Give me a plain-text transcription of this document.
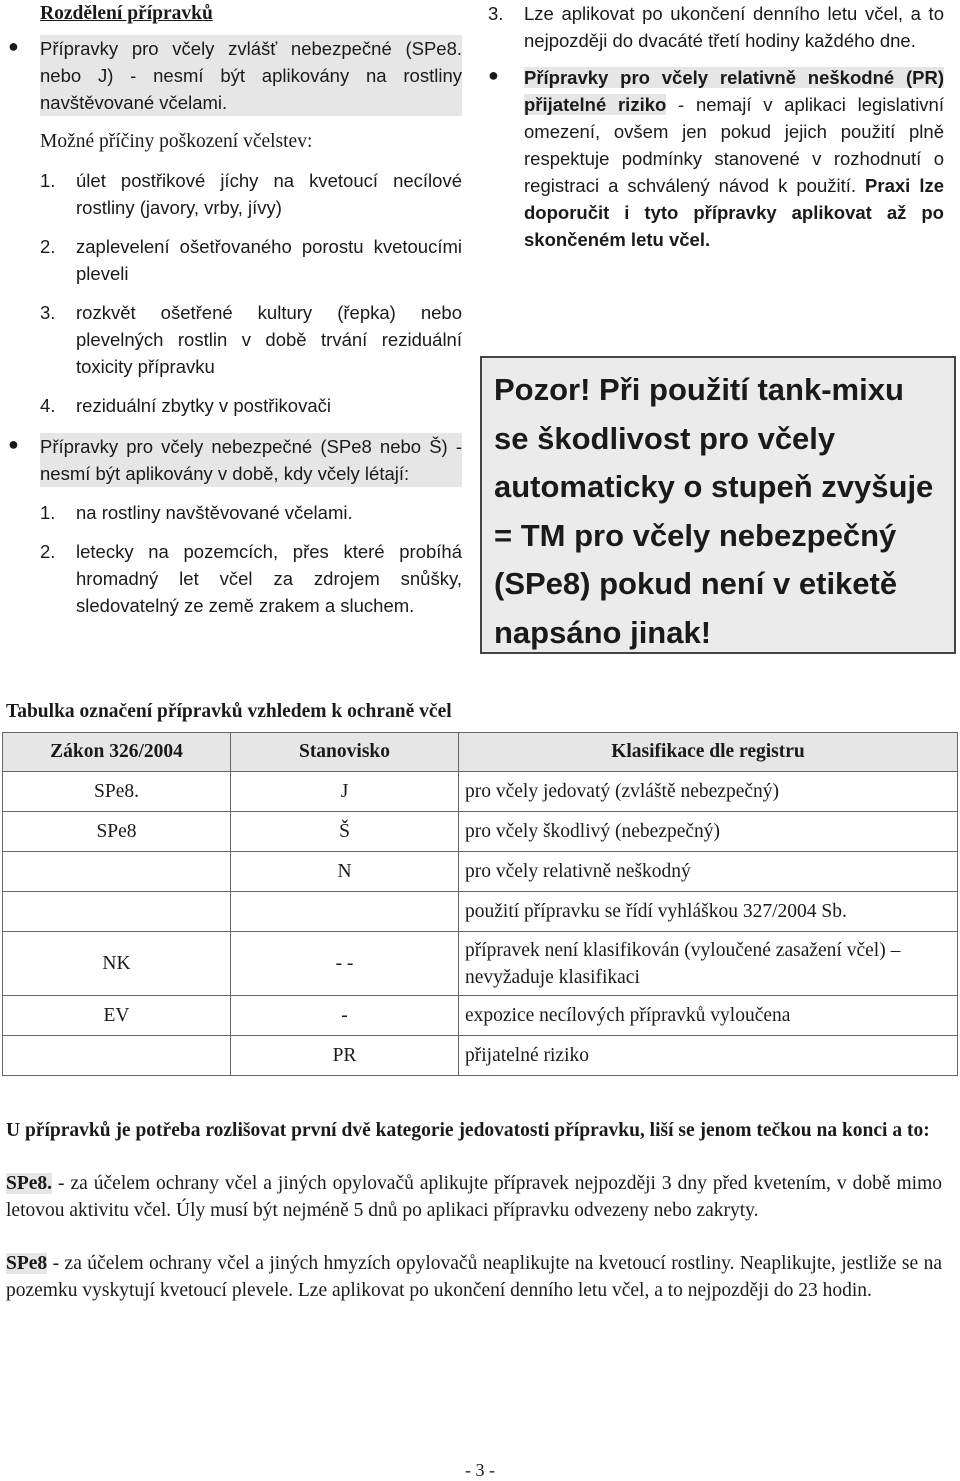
Rozdělení přípravků
● Přípravky pro včely zvlášť nebezpečné (SPe8. nebo J) - nesmí být aplikovány na rostliny navštěvované včelami.
Možné příčiny poškození včelstev:
1.	úlet postřikové jíchy na kvetoucí necílové rostliny (javory, vrby, jívy)
2.	zaplevelení ošetřovaného porostu kvetoucími pleveli
3.	rozkvět ošetřené kultury (řepka) nebo plevelných rostlin v době trvání reziduální toxicity přípravku
4.	reziduální zbytky v postřikovači
● Přípravky pro včely nebezpečné (SPe8 nebo Š) - nesmí být aplikovány v době, kdy včely létají:
1.	na rostliny navštěvované včelami.
2.	letecky na pozemcích, přes které probíhá hromadný let včel za zdrojem snůšky, sledovatelný ze země zrakem a sluchem.
3.	Lze aplikovat po ukončení denního letu včel, a to nejpozději do dvacáté třetí hodiny každého dne.
● Přípravky pro včely relativně neškodné (PR) přijatelné riziko - nemají v aplikaci legislativní omezení, ovšem jen pokud jejich použití plně respektuje podmínky stanovené v rozhodnutí o registraci a schválený návod k použití. Praxi lze doporučit i tyto přípravky aplikovat až po skončeném letu včel.
Pozor! Při použití tank-mixu se škodlivost pro včely automaticky o stupeň zvyšuje = TM pro včely nebezpečný (SPe8) pokud není v etiketě napsáno jinak!
Tabulka označení přípravků vzhledem k ochraně včel
Zákon 326/2004	Stanovisko	Klasifikace dle registru
SPe8.	J	pro včely jedovatý (zvláště nebezpečný)
SPe8	Š	pro včely škodlivý (nebezpečný)
	N	pro včely relativně neškodný
		použití přípravku se řídí vyhláškou 327/2004 Sb.
NK	- -	přípravek není klasifikován (vyloučené zasažení včel) – nevyžaduje klasifikaci
EV	-	expozice necílových přípravků vyloučena
	PR	přijatelné riziko

U přípravků je potřeba rozlišovat první dvě kategorie jedovatosti přípravku, liší se jenom tečkou na konci a to:

SPe8. - za účelem ochrany včel a jiných opylovačů aplikujte přípravek nejpozději 3 dny před kvetením, v době mimo letovou aktivitu včel. Úly musí být nejméně 5 dnů po aplikaci přípravku odvezeny nebo zakryty.

SPe8 - za účelem ochrany včel a jiných hmyzích opylovačů neaplikujte na kvetoucí rostliny. Neaplikujte, jestliže se na pozemku vyskytují kvetoucí plevele. Lze aplikovat po ukončení denního letu včel, a to nejpozději do 23 hodin.

- 3 -
